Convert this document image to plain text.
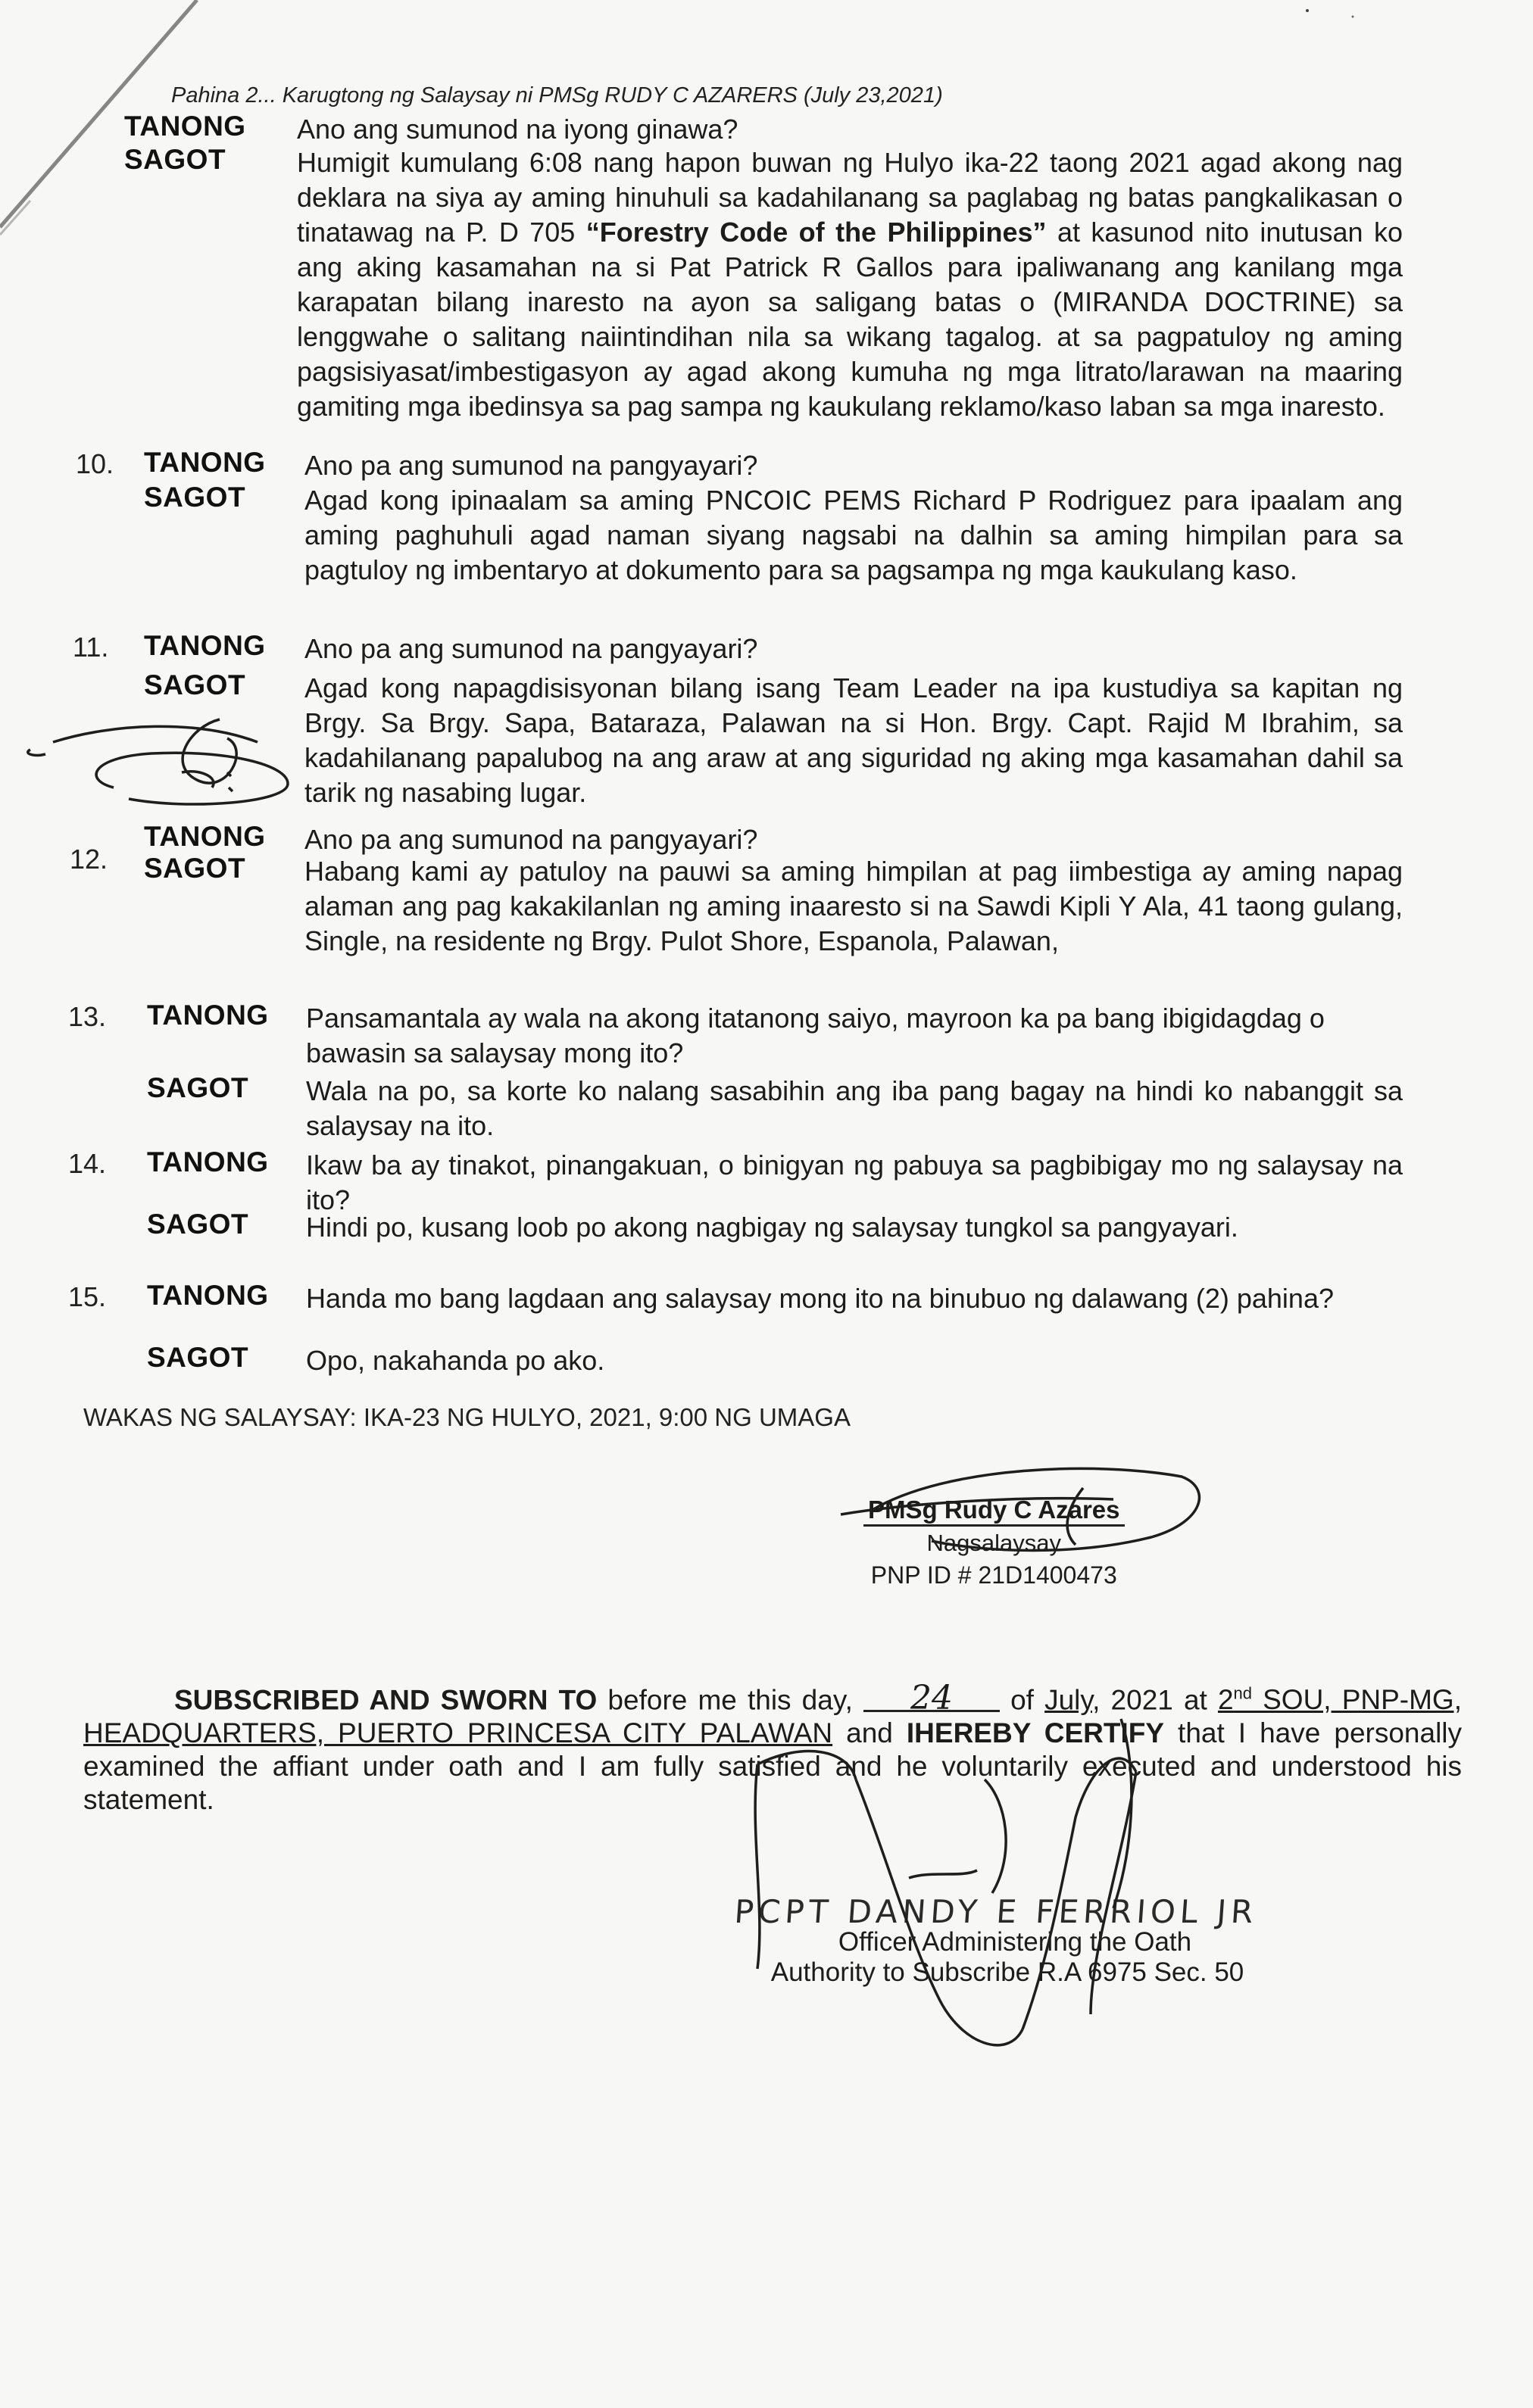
Pahina 2... Karugtong ng Salaysay ni PMSg RUDY C AZARERS (July 23,2021)
TANONG Ano ang sumunod na iyong ginawa?
SAGOT	Humigit kumulang 6:08 nang hapon buwan ng Hulyo ika-22 taong 2021 agad akong nag deklara na siya ay aming hinuhuli sa kadahilanang sa paglabag ng batas pangkalikasan o tinatawag na P. D 705 “Forestry Code of the Philippines” at kasunod nito inutusan ko ang aking kasamahan na si Pat Patrick R Gallos para ipaliwanang ang kanilang mga karapatan bilang inaresto na ayon sa saligang batas o (MIRANDA DOCTRINE) sa lenggwahe o salitang naiintindihan nila sa wikang tagalog. at sa pagpatuloy ng aming pagsisiyasat/imbestigasyon ay agad akong kumuha ng mga litrato/larawan na maaring gamiting mga ibedinsya sa pag sampa ng kaukulang reklamo/kaso laban sa mga inaresto.

10. TANONG Ano pa ang sumunod na pangyayari?
SAGOT Agad kong ipinaalam sa aming PNCOIC PEMS Richard P Rodriguez para ipaalam ang aming paghuhuli agad naman siyang nagsabi na dalhin sa aming himpilan para sa pagtuloy ng imbentaryo at dokumento para sa pagsampa ng mga kaukulang kaso.

11. TANONG Ano pa ang sumunod na pangyayari?
SAGOT Agad kong napagdisisyonan bilang isang Team Leader na ipa kustudiya sa kapitan ng Brgy. Sa Brgy. Sapa, Bataraza, Palawan na si Hon. Brgy. Capt. Rajid M Ibrahim, sa kadahilanang papalubog na ang araw at ang siguridad ng aking mga kasamahan dahil sa tarik ng nasabing lugar.

12.
TANONG Ano pa ang sumunod na pangyayari?
SAGOT Habang kami ay patuloy na pauwi sa aming himpilan at pag iimbestiga ay aming napag alaman ang pag kakakilanlan ng aming inaaresto si na Sawdi Kipli Y Ala, 41 taong gulang, Single, na residente ng Brgy. Pulot Shore, Espanola, Palawan,

13. TANONG Pansamantala ay wala na akong itatanong saiyo, mayroon ka pa bang ibigidagdag o bawasin sa salaysay mong ito?

SAGOT Wala na po, sa korte ko nalang sasabihin ang iba pang bagay na hindi ko nabanggit sa salaysay na ito.

14. TANONG Ikaw ba ay tinakot, pinangakuan, o binigyan ng pabuya sa pagbibigay mo ng salaysay na ito?

SAGOT Hindi po, kusang loob po akong nagbigay ng salaysay tungkol sa pangyayari.

15. TANONG Handa mo bang lagdaan ang salaysay mong ito na binubuo ng dalawang (2) pahina?

SAGOT Opo, nakahanda po ako.

WAKAS NG SALAYSAY: IKA-23 NG HULYO, 2021, 9:00 NG UMAGA
PMSg Rudy C Azares
Nagsalaysay
PNP ID # 21D1400473
SUBSCRIBED AND SWORN TO before me this day, 24 of July, 2021 at 2nd SOU, PNP-MG, HEADQUARTERS, PUERTO PRINCESA CITY PALAWAN and IHEREBY CERTIFY that I have personally examined the affiant under oath and I am fully satisfied and he voluntarily executed and understood his statement.
PCPT DANDY E FERRIOL JR
Officer Administering the Oath
Authority to Subscribe R.A 6975 Sec. 50
